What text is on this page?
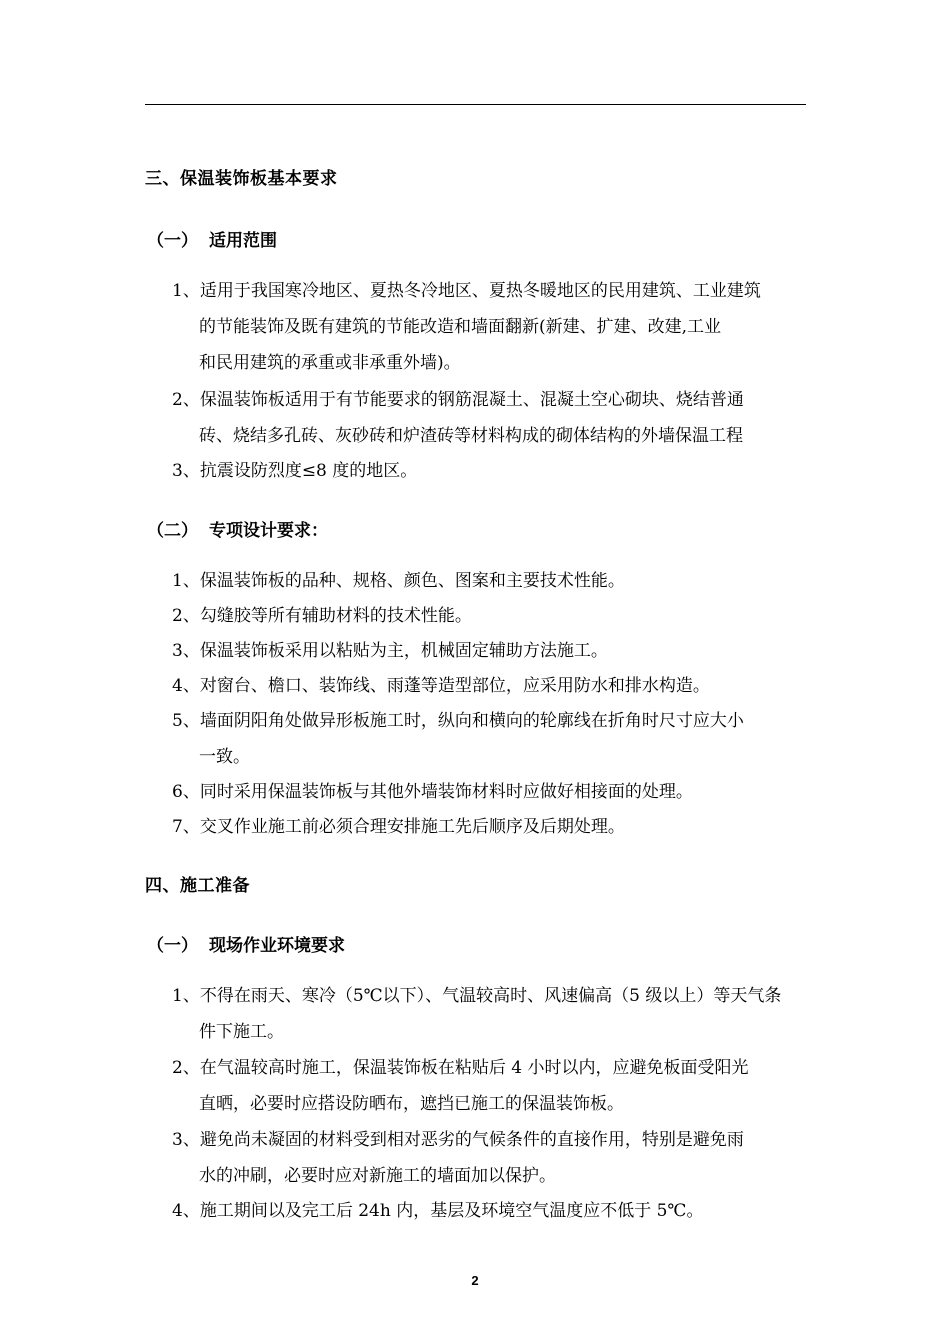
三、保温装饰板基本要求
（一） 适用范围
1、适用于我国寒冷地区、夏热冬冷地区、夏热冬暖地区的民用建筑、工业建筑
的节能装饰及既有建筑的节能改造和墙面翻新(新建、扩建、改建,工业
和民用建筑的承重或非承重外墙)。
2、保温装饰板适用于有节能要求的钢筋混凝土、混凝土空心砌块、烧结普通
砖、烧结多孔砖、灰砂砖和炉渣砖等材料构成的砌体结构的外墙保温工程
3、抗震设防烈度≤8 度的地区。
（二） 专项设计要求：
1、保温装饰板的品种、规格、颜色、图案和主要技术性能。
2、勾缝胶等所有辅助材料的技术性能。
3、保温装饰板采用以粘贴为主，机械固定辅助方法施工。
4、对窗台、檐口、装饰线、雨蓬等造型部位，应采用防水和排水构造。
5、墙面阴阳角处做异形板施工时，纵向和横向的轮廓线在折角时尺寸应大小
一致。
6、同时采用保温装饰板与其他外墙装饰材料时应做好相接面的处理。
7、交叉作业施工前必须合理安排施工先后顺序及后期处理。
四、施工准备
（一） 现场作业环境要求
1、不得在雨天、寒冷（5℃以下）、气温较高时、风速偏高（5 级以上）等天气条
件下施工。
2、在气温较高时施工，保温装饰板在粘贴后 4 小时以内，应避免板面受阳光
直晒，必要时应搭设防晒布，遮挡已施工的保温装饰板。
3、避免尚未凝固的材料受到相对恶劣的气候条件的直接作用，特别是避免雨
水的冲刷，必要时应对新施工的墙面加以保护。
4、施工期间以及完工后 24h 内，基层及环境空气温度应不低于 5℃。
2
